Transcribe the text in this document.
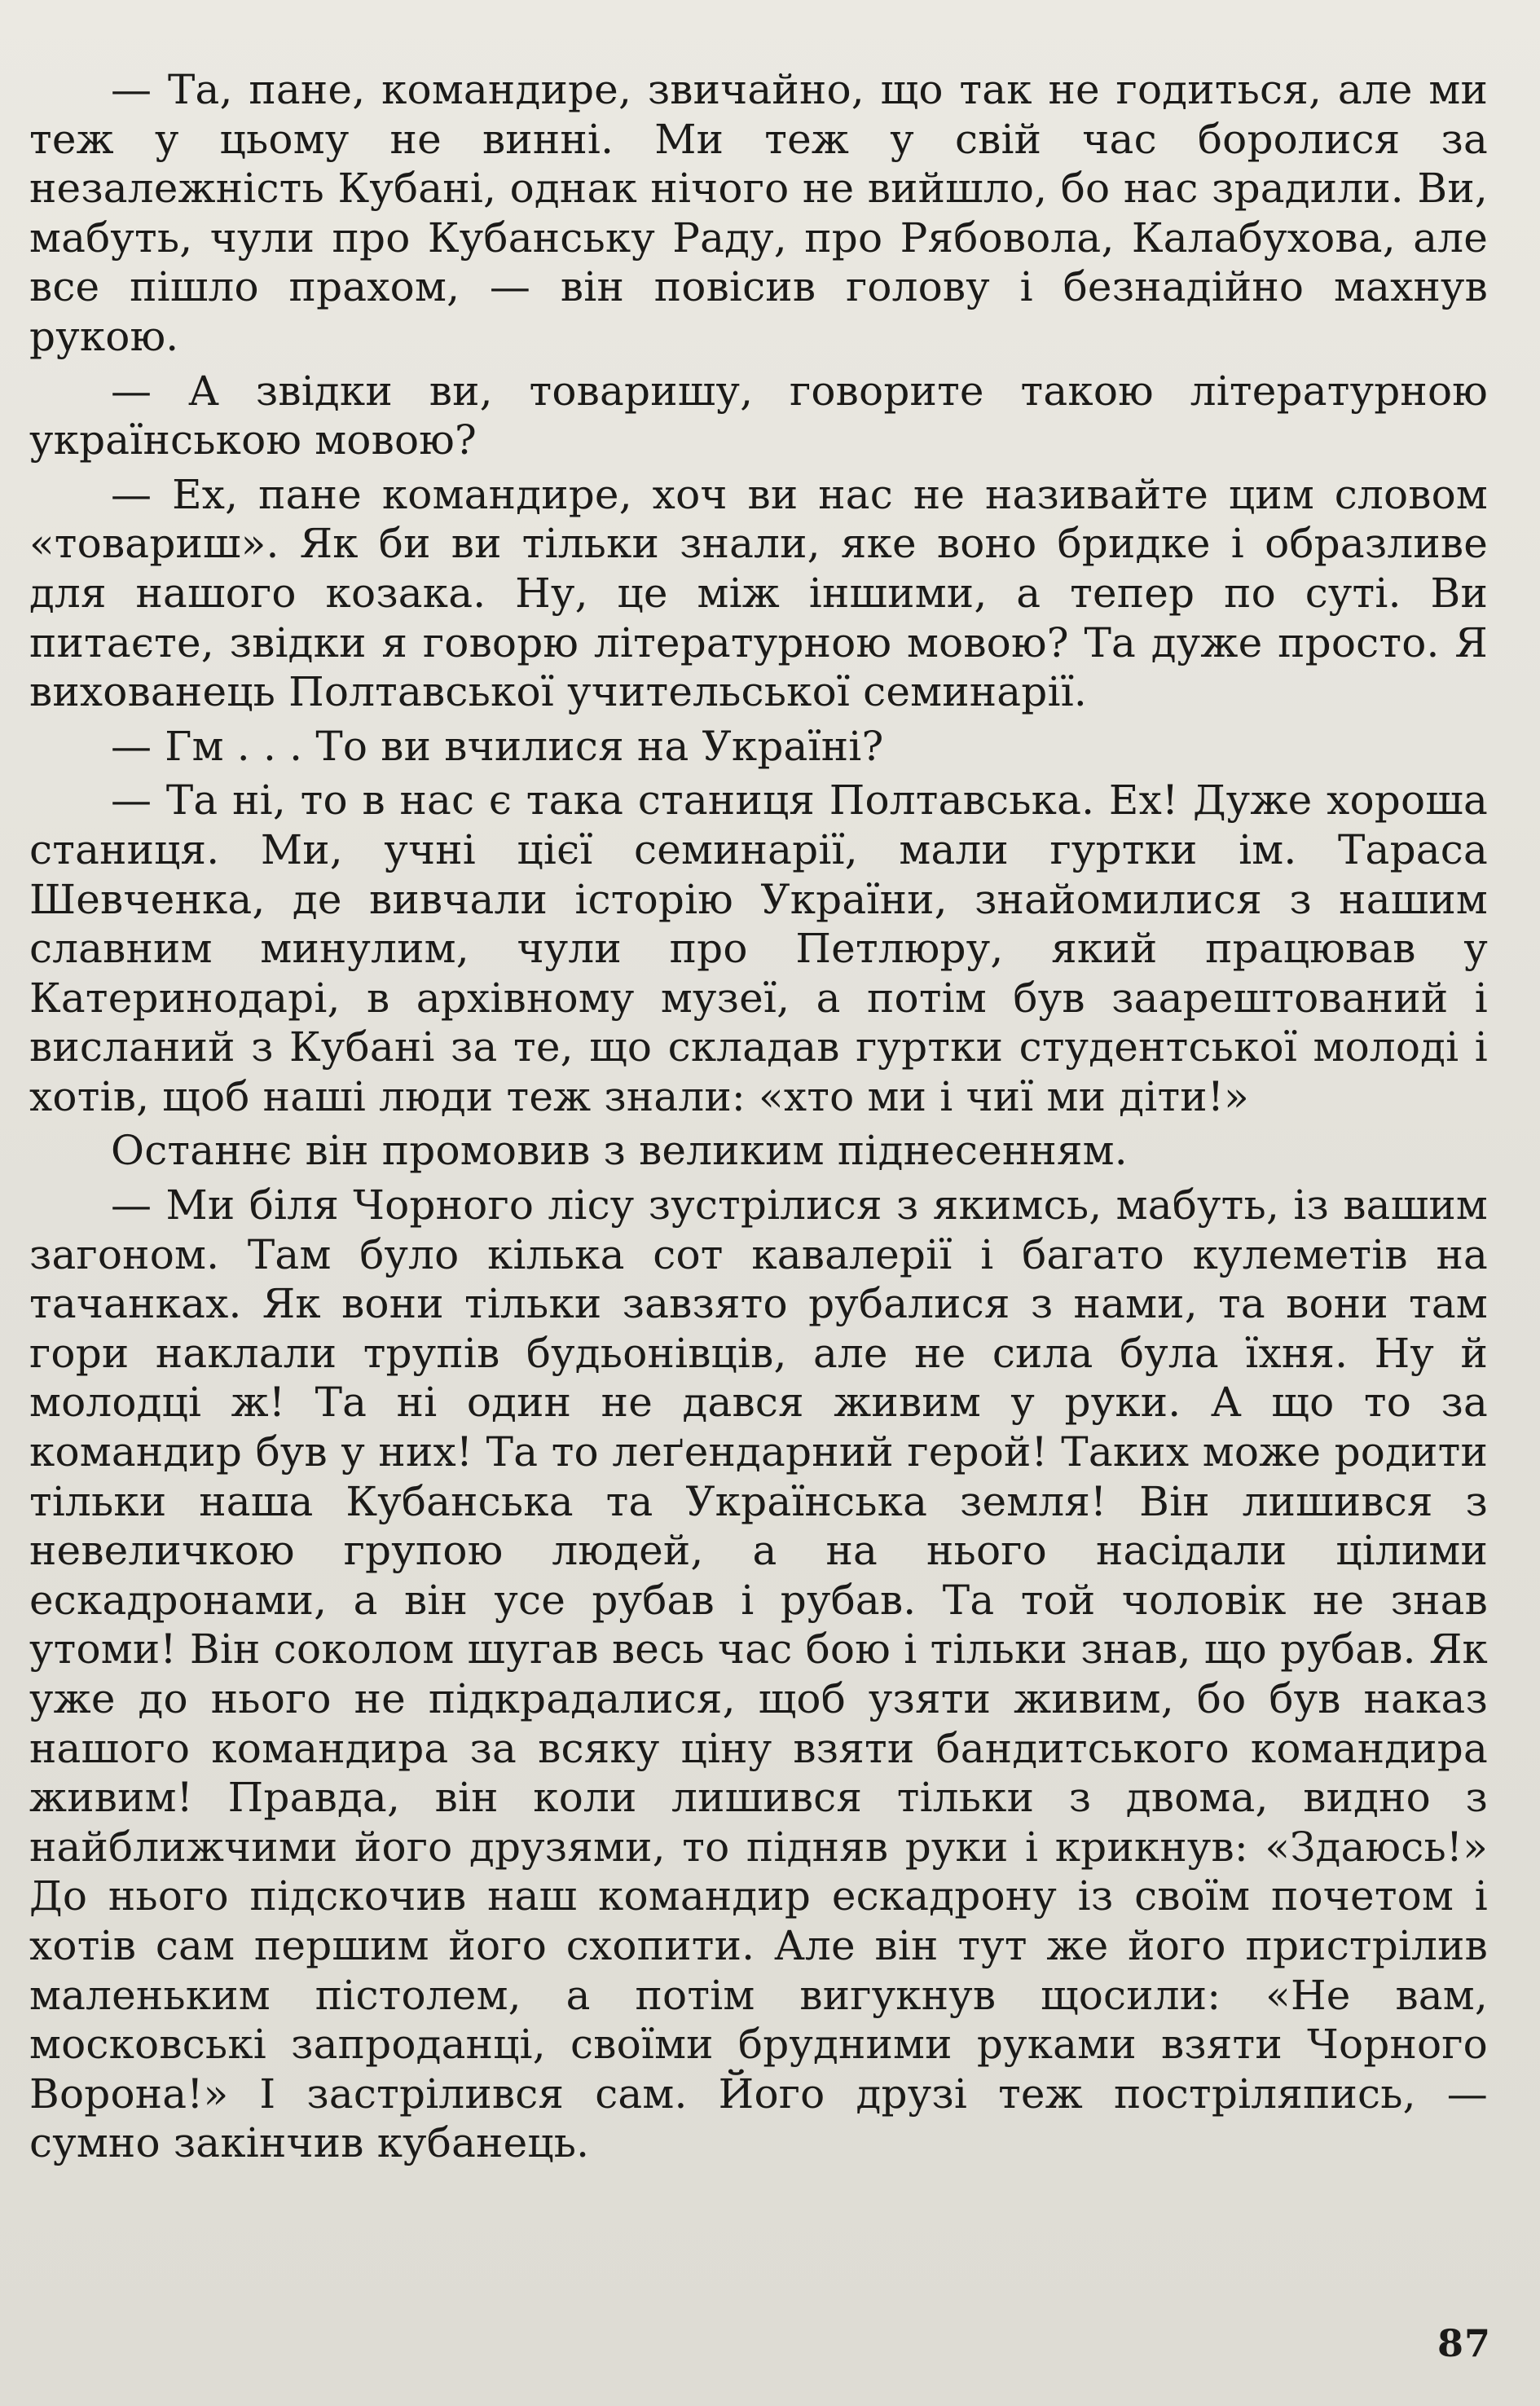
— Та, пане, командире, звичайно, що так не годиться, але ми теж у цьому не винні. Ми теж у свій час боролися за незалежність Кубані, однак нічого не вийшло, бо нас зрадили. Ви, мабуть, чули про Кубанську Раду, про Рябовола, Калабухова, але все пішло прахом, — він повісив голову і безнадійно махнув рукою.

— А звідки ви, товаришу, говорите такою літературною українською мовою?

— Ех, пане командире, хоч ви нас не називайте цим словом «товариш». Як би ви тільки знали, яке воно бридке і образливе для нашого козака. Ну, це між іншими, а тепер по суті. Ви питаєте, звідки я говорю літературною мовою? Та дуже просто. Я вихованець Полтавської учительської семинарії.

— Гм . . . То ви вчилися на Україні?

— Та ні, то в нас є така станиця Полтавська. Ех! Дуже хороша станиця. Ми, учні цієї семинарії, мали гуртки ім. Тараса Шевченка, де вивчали історію України, знайомилися з нашим славним минулим, чули про Петлюру, який працював у Катеринодарі, в архівному музеї, а потім був заарештований і висланий з Кубані за те, що складав гуртки студентської молоді і хотів, щоб наші люди теж знали: «хто ми і чиї ми діти!»

Останнє він промовив з великим піднесенням.

— Ми біля Чорного лісу зустрілися з якимсь, мабуть, із вашим загоном. Там було кілька сот кавалерії і багато кулеметів на тачанках. Як вони тільки завзято рубалися з нами, та вони там гори наклали трупів будьонівців, але не сила була їхня. Ну й молодці ж! Та ні один не дався живим у руки. А що то за командир був у них! Та то леґендарний герой! Таких може родити тільки наша Кубанська та Українська земля! Він лишився з невеличкою групою людей, а на нього насідали цілими ескадронами, а він усе рубав і рубав. Та той чоловік не знав утоми! Він соколом шугав весь час бою і тільки знав, що рубав. Як уже до нього не підкрадалися, щоб узяти живим, бо був наказ нашого командира за всяку ціну взяти бандитського командира живим! Правда, він коли лишився тільки з двома, видно з найближчими його друзями, то підняв руки і крикнув: «Здаюсь!» До нього підскочив наш командир ескадрону із своїм почетом і хотів сам першим його схопити. Але він тут же його пристрілив маленьким пістолем, а потім вигукнув щосили: «Не вам, московські запроданці, своїми брудними руками взяти Чорного Ворона!» І застрілився сам. Його друзі теж постріляпись, — сумно закінчив кубанець.

87
